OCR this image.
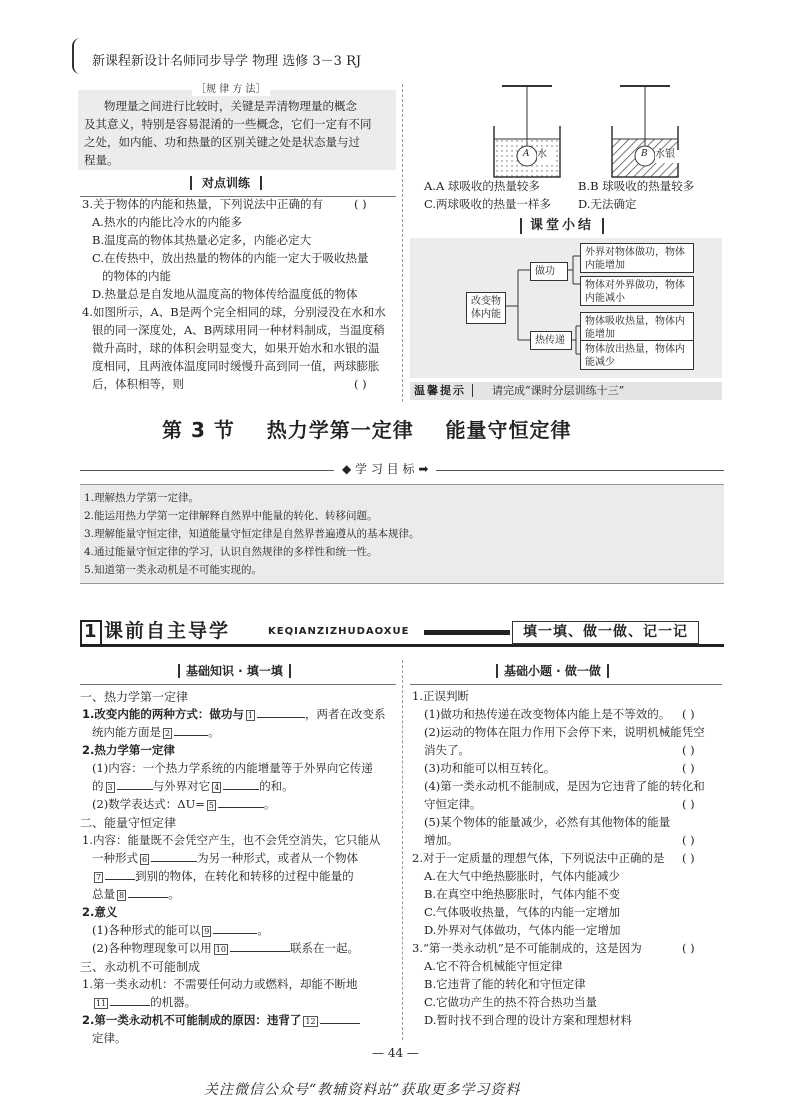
新课程新设计名师同步导学 物理 选修 3－3 RJ
［规 律 方 法］
物理量之间进行比较时，关键是弄清物理量的概念
及其意义，特别是容易混淆的一些概念，它们一定有不同
之处，如内能、功和热量的区别关键之处是状态量与过
程量。
对点训练
3.关于物体的内能和热量，下列说法中正确的有	( )
A.热水的内能比冷水的内能多
B.温度高的物体其热量必定多，内能必定大
C.在传热中，放出热量的物体的内能一定大于吸收热量
的物体的内能
D.热量总是自发地从温度高的物体传给温度低的物体
4.如图所示，A、B是两个完全相同的球，分别浸没在水和水
银的同一深度处，A、B两球用同一种材料制成，当温度稍
微升高时，球的体积会明显变大，如果开始水和水银的温
度相同，且两液体温度同时缓慢升高到同一值，两球膨胀
后，体积相等，则	( )
A 水	B 水银
A.A 球吸收的热量较多	B.B 球吸收的热量较多
C.两球吸收的热量一样多 D.无法确定
课堂小结
改变物体内能
做功
热传递
外界对物体做功，物体内能增加
物体对外界做功，物体内能减小
物体吸收热量，物体内能增加
物体放出热量，物体内能减少
温馨提示	请完成“课时分层训练十三”
第 3 节    热力学第一定律    能量守恒定律
◆ 学 习 目 标 ➡
1.理解热力学第一定律。
2.能运用热力学第一定律解释自然界中能量的转化、转移问题。
3.理解能量守恒定律，知道能量守恒定律是自然界普遍遵从的基本规律。
4.通过能量守恒定律的学习，认识自然规律的多样性和统一性。
5.知道第一类永动机是不可能实现的。
1 课前自主导学	KEQIANZIZHUDAOXUE	填一填、做一做、记一记
基础知识 · 填一填
一、热力学第一定律
1.改变内能的两种方式：做功与 1	，两者在改变系
统内能方面是 2	。
2.热力学第一定律
(1)内容：一个热力学系统的内能增量等于外界向它传递
的 3	与外界对它 4	的和。
(2)数学表达式：ΔU= 5	。
二、能量守恒定律
1.内容：能量既不会凭空产生，也不会凭空消失，它只能从
一种形式 6	为另一种形式，或者从一个物体
7	到别的物体，在转化和转移的过程中能量的
总量 8	。
2.意义
(1)各种形式的能可以 9	。
(2)各种物理现象可以用 10	联系在一起。
三、永动机不可能制成
1.第一类永动机：不需要任何动力或燃料，却能不断地
11	的机器。
2.第一类永动机不可能制成的原因：违背了 12
定律。
基础小题 · 做一做
1.正误判断
(1)做功和热传递在改变物体内能上是不等效的。 ( )
(2)运动的物体在阻力作用下会停下来，说明机械能凭空
消失了。	( )
(3)功和能可以相互转化。	( )
(4)第一类永动机不能制成，是因为它违背了能的转化和
守恒定律。	( )
(5)某个物体的能量减少，必然有其他物体的能量
增加。	( )
2.对于一定质量的理想气体，下列说法中正确的是 ( )
A.在大气中绝热膨胀时，气体内能减少
B.在真空中绝热膨胀时，气体内能不变
C.气体吸收热量，气体的内能一定增加
D.外界对气体做功，气体内能一定增加
3.“第一类永动机”是不可能制成的，这是因为	( )
A.它不符合机械能守恒定律
B.它违背了能的转化和守恒定律
C.它做功产生的热不符合热功当量
D.暂时找不到合理的设计方案和理想材料
— 44 —
关注微信公众号“教辅资料站”获取更多学习资料
